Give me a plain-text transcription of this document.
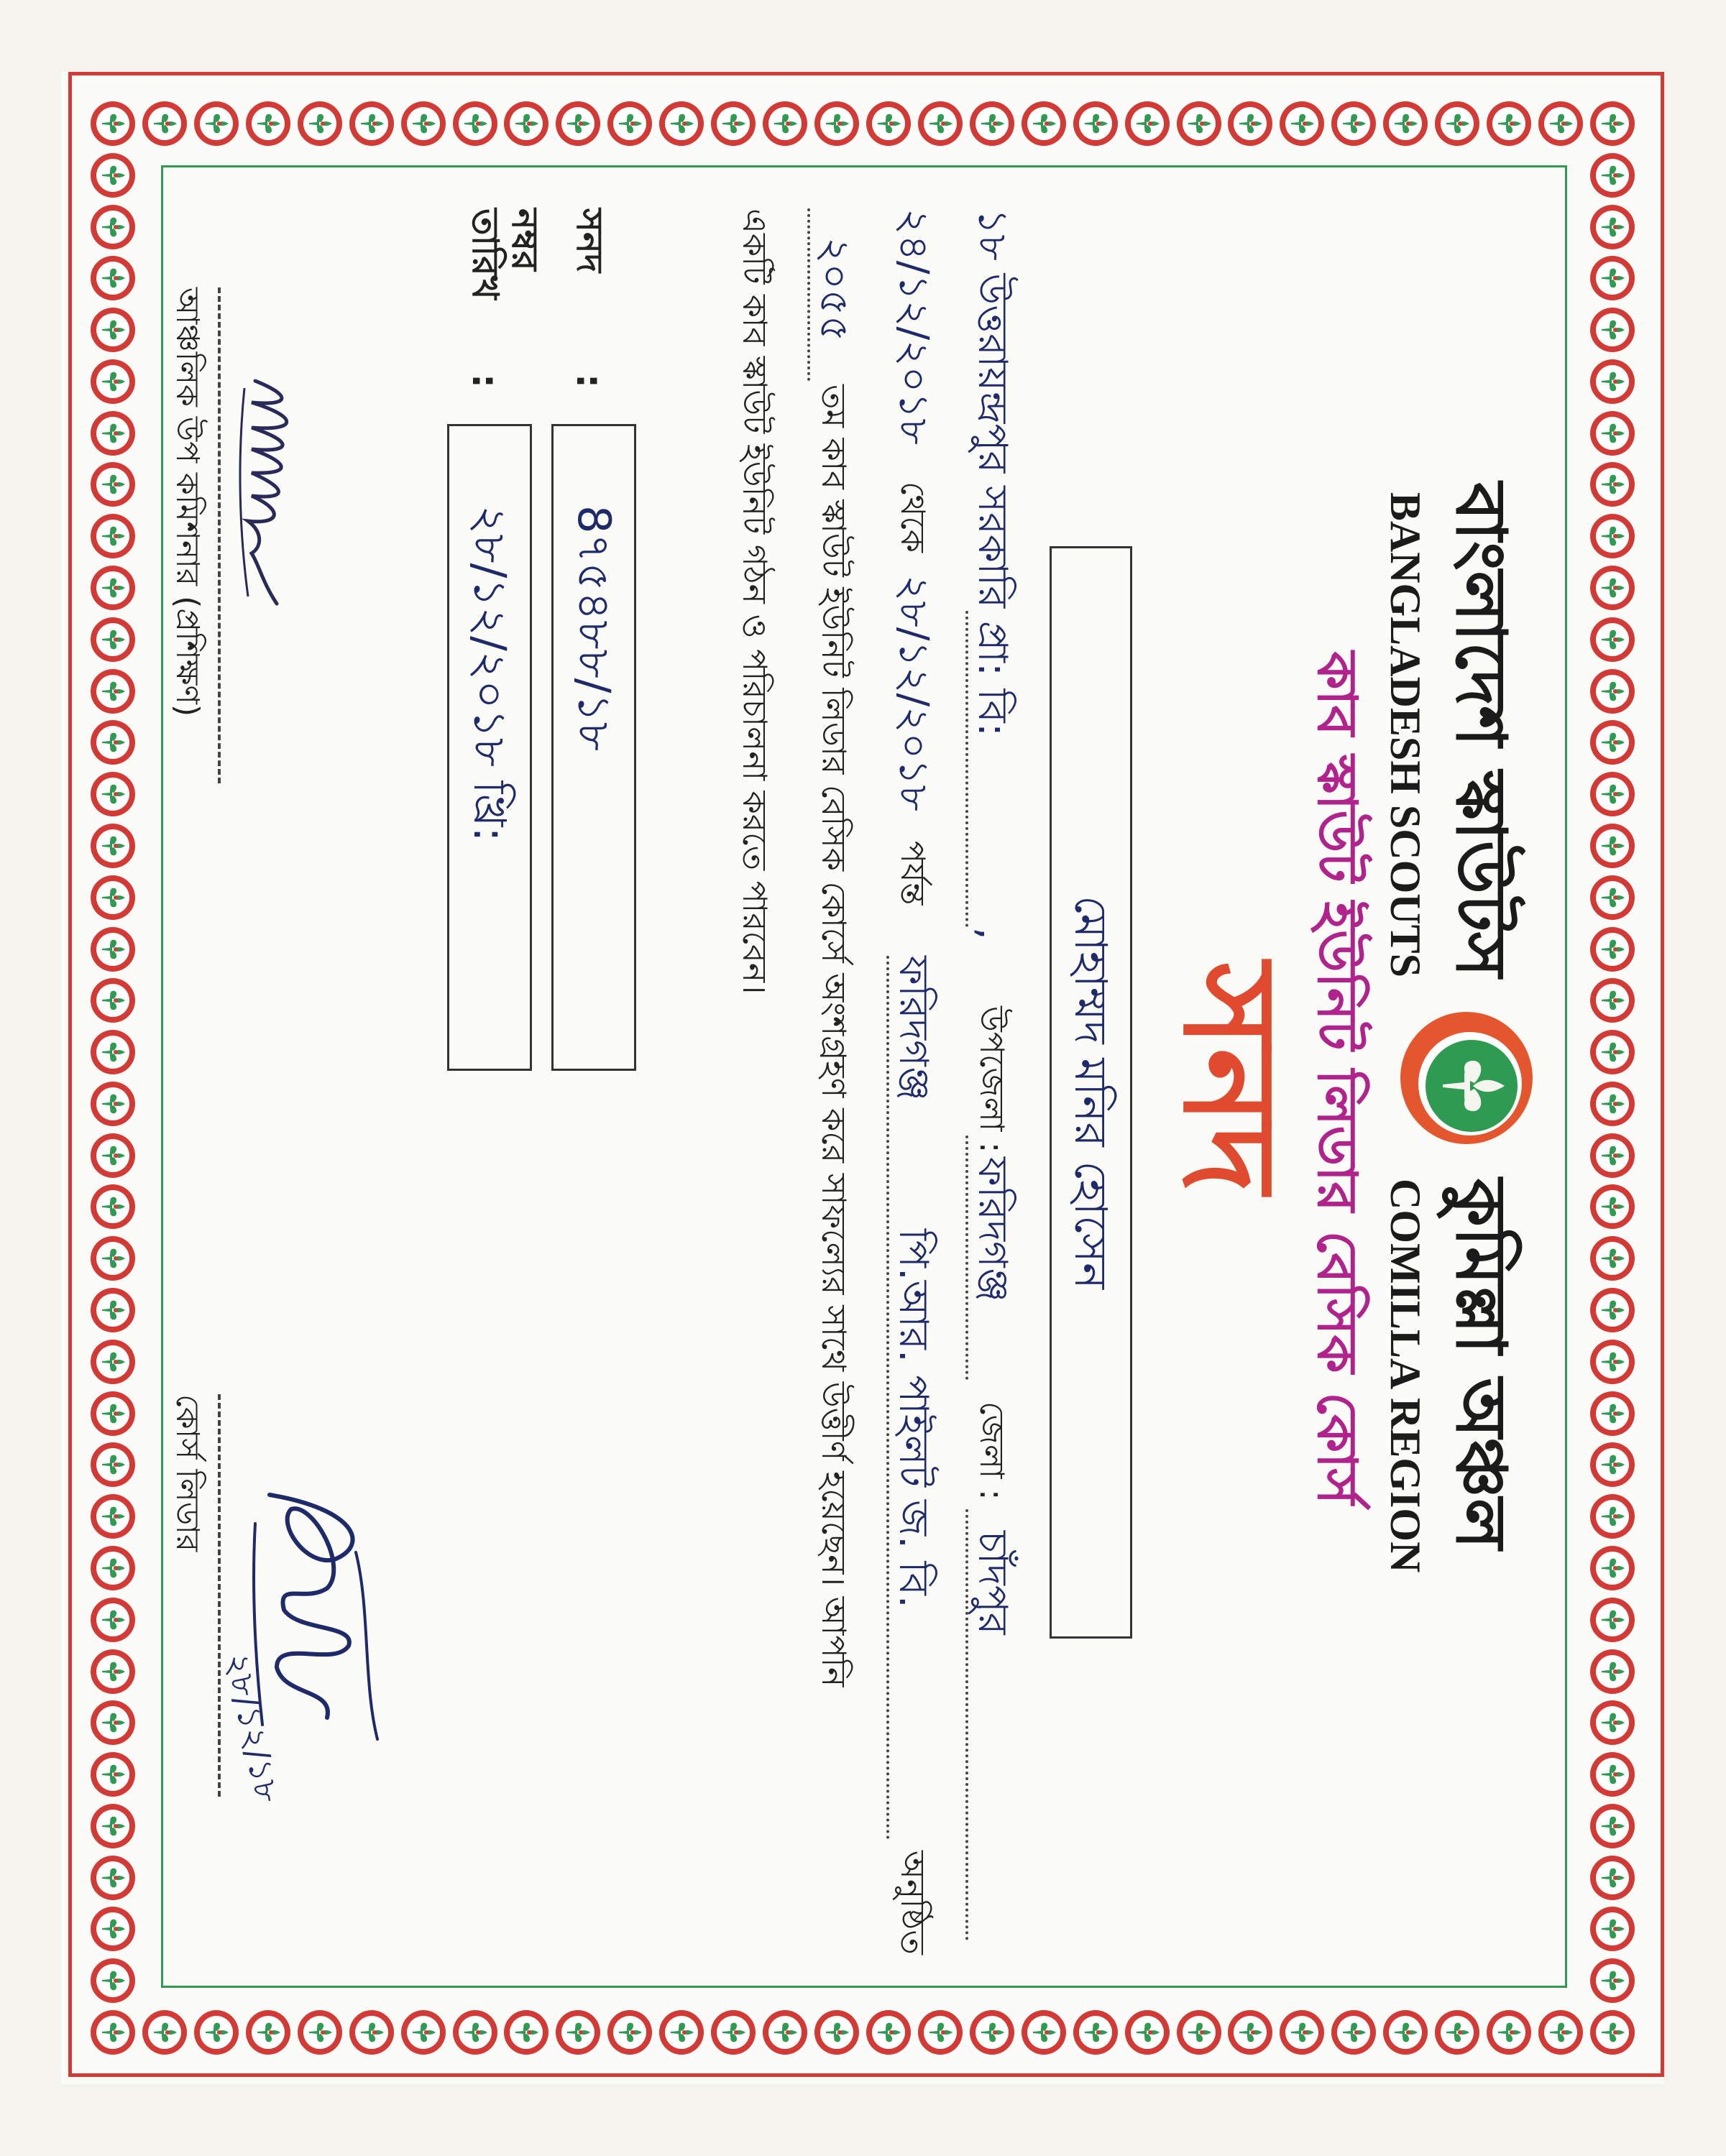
বাংলাদেশ স্কাউটস
কুমিল্লা অঞ্চল
BANGLADESH SCOUTS
COMILLA REGION
কাব স্কাউট ইউনিট লিডার বেসিক কোর্স
সনদ
মোহাম্মদ মনির হোসেন
১৮ উত্তরায়ন্দ্রপুর সরকারি প্রা: বি:
,
উপজেলা :
ফরিদগঞ্জ
জেলা :
চাঁদপুর
২৪/১২/২০১৮
থেকে
২৮/১২/২০১৮
পর্যন্ত
ফরিদগঞ্জ
পি.আর. পাইলট জ. বি.
অনুষ্ঠিত
২০৫৫
তম কাব স্কাউট ইউনিট লিডার বেসিক কোর্সে অংশগ্রহণ করে সাফল্যের সাথে উত্তীর্ণ হয়েছেন। আপনি
একটি কাব স্কাউট ইউনিট গঠন ও পরিচালনা করতে পারবেন।
সনদ নম্বর
:
8৭৫৪৮৮/১৮
তারিখ
:
২৮/১২/২০১৮ খ্রি:
আঞ্চলিক উপ কমিশনার (প্রশিক্ষণ)
২৮/১২/১৮
কোর্স লিডার
